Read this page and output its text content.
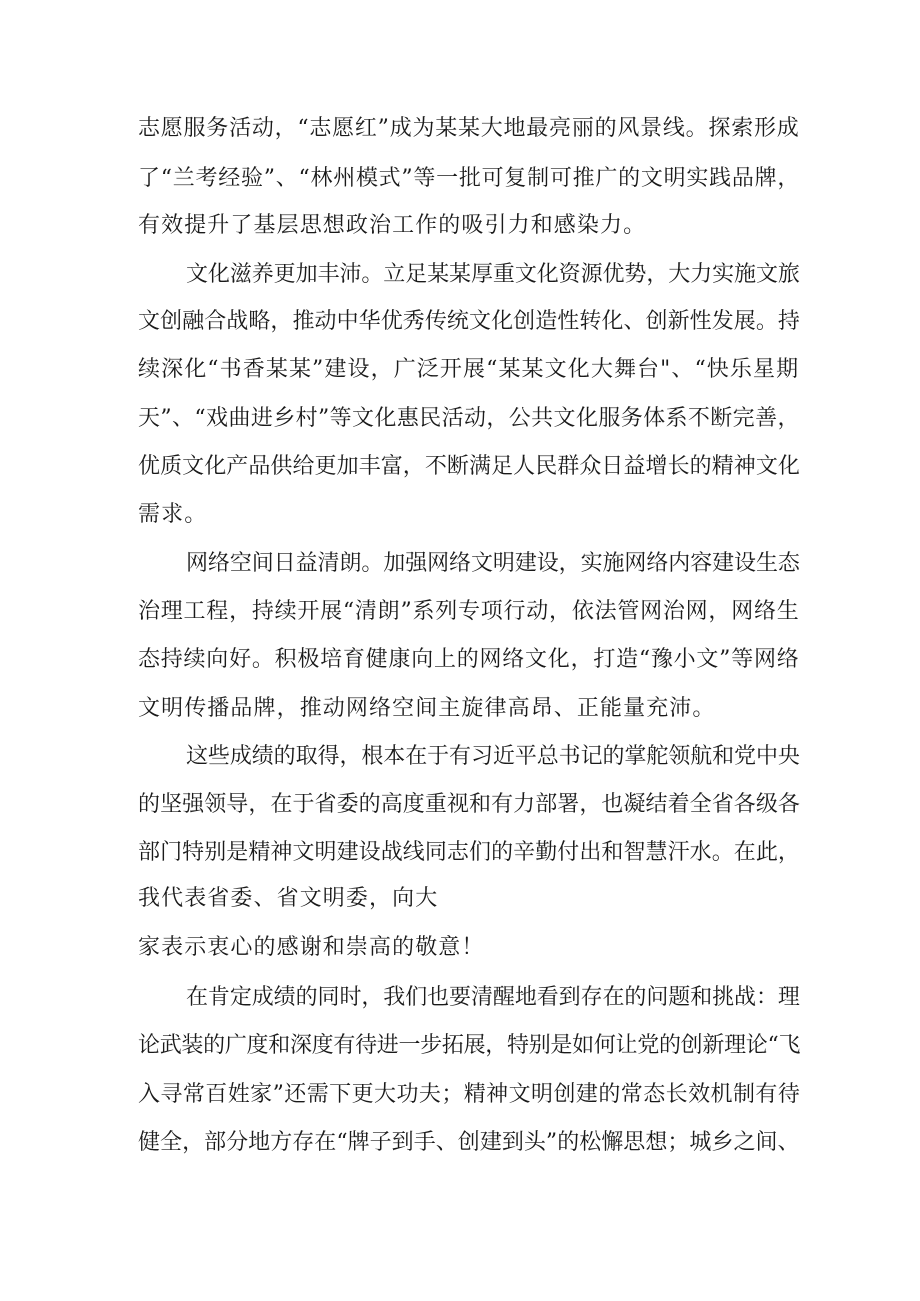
志愿服务活动，“志愿红”成为某某大地最亮丽的风景线。探索形成
了“兰考经验”、“林州模式”等一批可复制可推广的文明实践品牌，
有效提升了基层思想政治工作的吸引力和感染力。
文化滋养更加丰沛。立足某某厚重文化资源优势，大力实施文旅
文创融合战略，推动中华优秀传统文化创造性转化、创新性发展。持
续深化“书香某某”建设，广泛开展“某某文化大舞台"、“快乐星期
天”、“戏曲进乡村”等文化惠民活动，公共文化服务体系不断完善，
优质文化产品供给更加丰富，不断满足人民群众日益增长的精神文化
需求。
网络空间日益清朗。加强网络文明建设，实施网络内容建设生态
治理工程，持续开展“清朗”系列专项行动，依法管网治网，网络生
态持续向好。积极培育健康向上的网络文化，打造“豫小文”等网络
文明传播品牌，推动网络空间主旋律高昂、正能量充沛。
这些成绩的取得，根本在于有习近平总书记的掌舵领航和党中央
的坚强领导，在于省委的高度重视和有力部署，也凝结着全省各级各
部门特别是精神文明建设战线同志们的辛勤付出和智慧汗水。在此，
我代表省委、省文明委，向大
家表示衷心的感谢和崇高的敬意！
在肯定成绩的同时，我们也要清醒地看到存在的问题和挑战：理
论武装的广度和深度有待进一步拓展，特别是如何让党的创新理论“飞
入寻常百姓家”还需下更大功夫；精神文明创建的常态长效机制有待
健全，部分地方存在“牌子到手、创建到头”的松懈思想；城乡之间、
